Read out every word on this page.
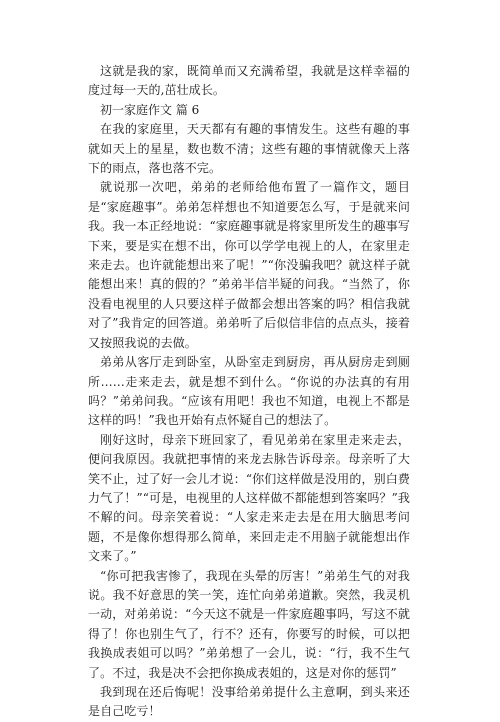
这就是我的家，既简单而又充满希望，我就是这样幸福的度过每一天的,茁壮成长。

初一家庭作文 篇 6

在我的家庭里，天天都有有趣的事情发生。这些有趣的事就如天上的星星，数也数不清；这些有趣的事情就像天上落下的雨点，落也落不完。

就说那一次吧，弟弟的老师给他布置了一篇作文，题目是“家庭趣事”。弟弟怎样想也不知道要怎么写，于是就来问我。我一本正经地说：“家庭趣事就是将家里所发生的趣事写下来，要是实在想不出，你可以学学电视上的人，在家里走来走去。也许就能想出来了呢！”“你没骗我吧？就这样子就能想出来！真的假的？”弟弟半信半疑的问我。“当然了，你没看电视里的人只要这样子做都会想出答案的吗？相信我就对了”我肯定的回答道。弟弟听了后似信非信的点点头，接着又按照我说的去做。

弟弟从客厅走到卧室，从卧室走到厨房，再从厨房走到厕所……走来走去，就是想不到什么。“你说的办法真的有用吗？”弟弟问我。“应该有用吧！我也不知道，电视上不都是这样的吗！”我也开始有点怀疑自己的想法了。

刚好这时，母亲下班回家了，看见弟弟在家里走来走去，便问我原因。我就把事情的来龙去脉告诉母亲。母亲听了大笑不止，过了好一会儿才说：“你们这样做是没用的，别白费力气了！”“可是，电视里的人这样做不都能想到答案吗？”我不解的问。母亲笑着说：“人家走来走去是在用大脑思考问题，不是像你想得那么简单，来回走走不用脑子就能想出作文来了。”

“你可把我害惨了，我现在头晕的厉害！”弟弟生气的对我说。我不好意思的笑一笑，连忙向弟弟道歉。突然，我灵机一动，对弟弟说：“今天这不就是一件家庭趣事吗，写这不就得了！你也别生气了，行不？还有，你要写的时候，可以把我换成表姐可以吗？”弟弟想了一会儿，说：“行，我不生气了。不过，我是决不会把你换成表姐的，这是对你的惩罚”

我到现在还后悔呢！没事给弟弟提什么主意啊，到头来还是自己吃亏！
